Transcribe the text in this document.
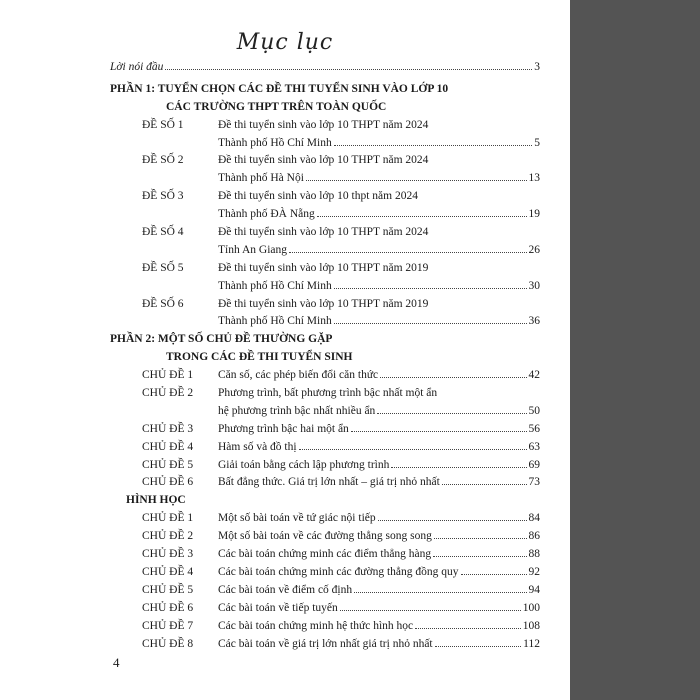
Mục lục
Lời nói đầu	3
PHẦN 1: TUYỂN CHỌN CÁC ĐỀ THI TUYỂN SINH VÀO LỚP 10
CÁC TRƯỜNG THPT TRÊN TOÀN QUỐC
ĐỀ SỐ 1	Đề thi tuyển sinh vào lớp 10 THPT năm 2024
Thành phố Hồ Chí Minh	5
ĐỀ SỐ 2	Đề thi tuyển sinh vào lớp 10 THPT năm 2024
Thành phố Hà Nội	13
ĐỀ SỐ 3	Đề thi tuyển sinh vào lớp 10 thpt năm 2024
Thành phố ĐÀ Nẵng	19
ĐỀ SỐ 4	Đề thi tuyển sinh vào lớp 10 THPT năm 2024
Tỉnh An Giang	26
ĐỀ SỐ 5	Đề thi tuyển sinh vào lớp 10 THPT năm 2019
Thành phố Hồ Chí Minh	30
ĐỀ SỐ 6	Đề thi tuyển sinh vào lớp 10 THPT năm 2019
Thành phố Hồ Chí Minh	36
PHẦN 2: MỘT SỐ CHỦ ĐỀ THƯỜNG GẶP
TRONG CÁC ĐỀ THI TUYỂN SINH
CHỦ ĐỀ 1	Căn số, các phép biến đổi căn thức	42
CHỦ ĐỀ 2	Phương trình, bất phương trình bậc nhất một ẩn
hệ phương trình bậc nhất nhiều ẩn	50
CHỦ ĐỀ 3	Phương trình bậc hai một ẩn	56
CHỦ ĐỀ 4	Hàm số và đồ thị	63
CHỦ ĐỀ 5	Giải toán bằng cách lập phương trình	69
CHỦ ĐỀ 6	Bất đẳng thức. Giá trị lớn nhất – giá trị nhỏ nhất	73
HÌNH HỌC
CHỦ ĐỀ 1	Một số bài toán về tứ giác nội tiếp	84
CHỦ ĐỀ 2	Một số bài toán về các đường thẳng song song	86
CHỦ ĐỀ 3	Các bài toán chứng minh các điểm thẳng hàng	88
CHỦ ĐỀ 4	Các bài toán chứng minh các đường thẳng đồng quy	92
CHỦ ĐỀ 5	Các bài toán về điểm cố định	94
CHỦ ĐỀ 6	Các bài toán về tiếp tuyến	100
CHỦ ĐỀ 7	Các bài toán chứng minh hệ thức hình học	108
CHỦ ĐỀ 8	Các bài toán về giá trị lớn nhất giá trị nhỏ nhất	112
4
